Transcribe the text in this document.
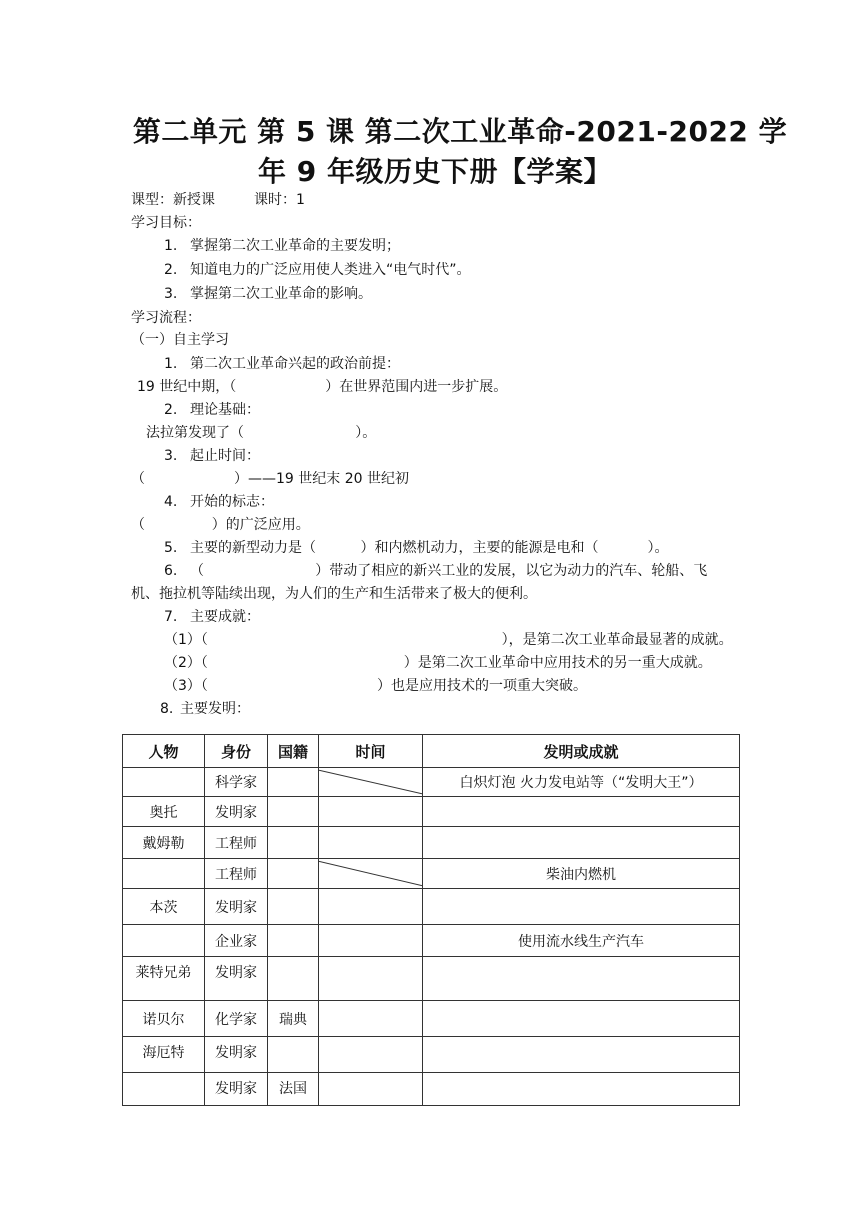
第二单元 第 5 课 第二次工业革命-2021-2022 学
年 9 年级历史下册【学案】
课型：新授课	课时：1
学习目标：
1. 掌握第二次工业革命的主要发明；
2. 知道电力的广泛应用使人类进入“电气时代”。
3. 掌握第二次工业革命的影响。
学习流程：
（一）自主学习
1. 第二次工业革命兴起的政治前提：
19 世纪中期，（                    ）在世界范围内进一步扩展。
2. 理论基础：
法拉第发现了（                         ）。
3. 起止时间：
（                    ）——19 世纪末 20 世纪初
4. 开始的标志：
（               ）的广泛应用。
5. 主要的新型动力是（          ）和内燃机动力，主要的能源是电和（           ）。
6. （                         ）带动了相应的新兴工业的发展，以它为动力的汽车、轮船、飞
机、拖拉机等陆续出现，为人们的生产和生活带来了极大的便利。
7. 主要成就：
（1）（                                                                  ），是第二次工业革命最显著的成就。
（2）（                                            ）是第二次工业革命中应用技术的另一重大成就。
（3）（                                      ）也是应用技术的一项重大突破。
8. 主要发明：
人物	身份	国籍	时间	发明或成就
	科学家			白炽灯泡 火力发电站等（“发明大王”）
奥托	发明家			
戴姆勒	工程师			
	工程师			柴油内燃机
本茨	发明家			
	企业家			使用流水线生产汽车
莱特兄弟	发明家			
诺贝尔	化学家	瑞典		
海厄特	发明家			
	发明家	法国		
